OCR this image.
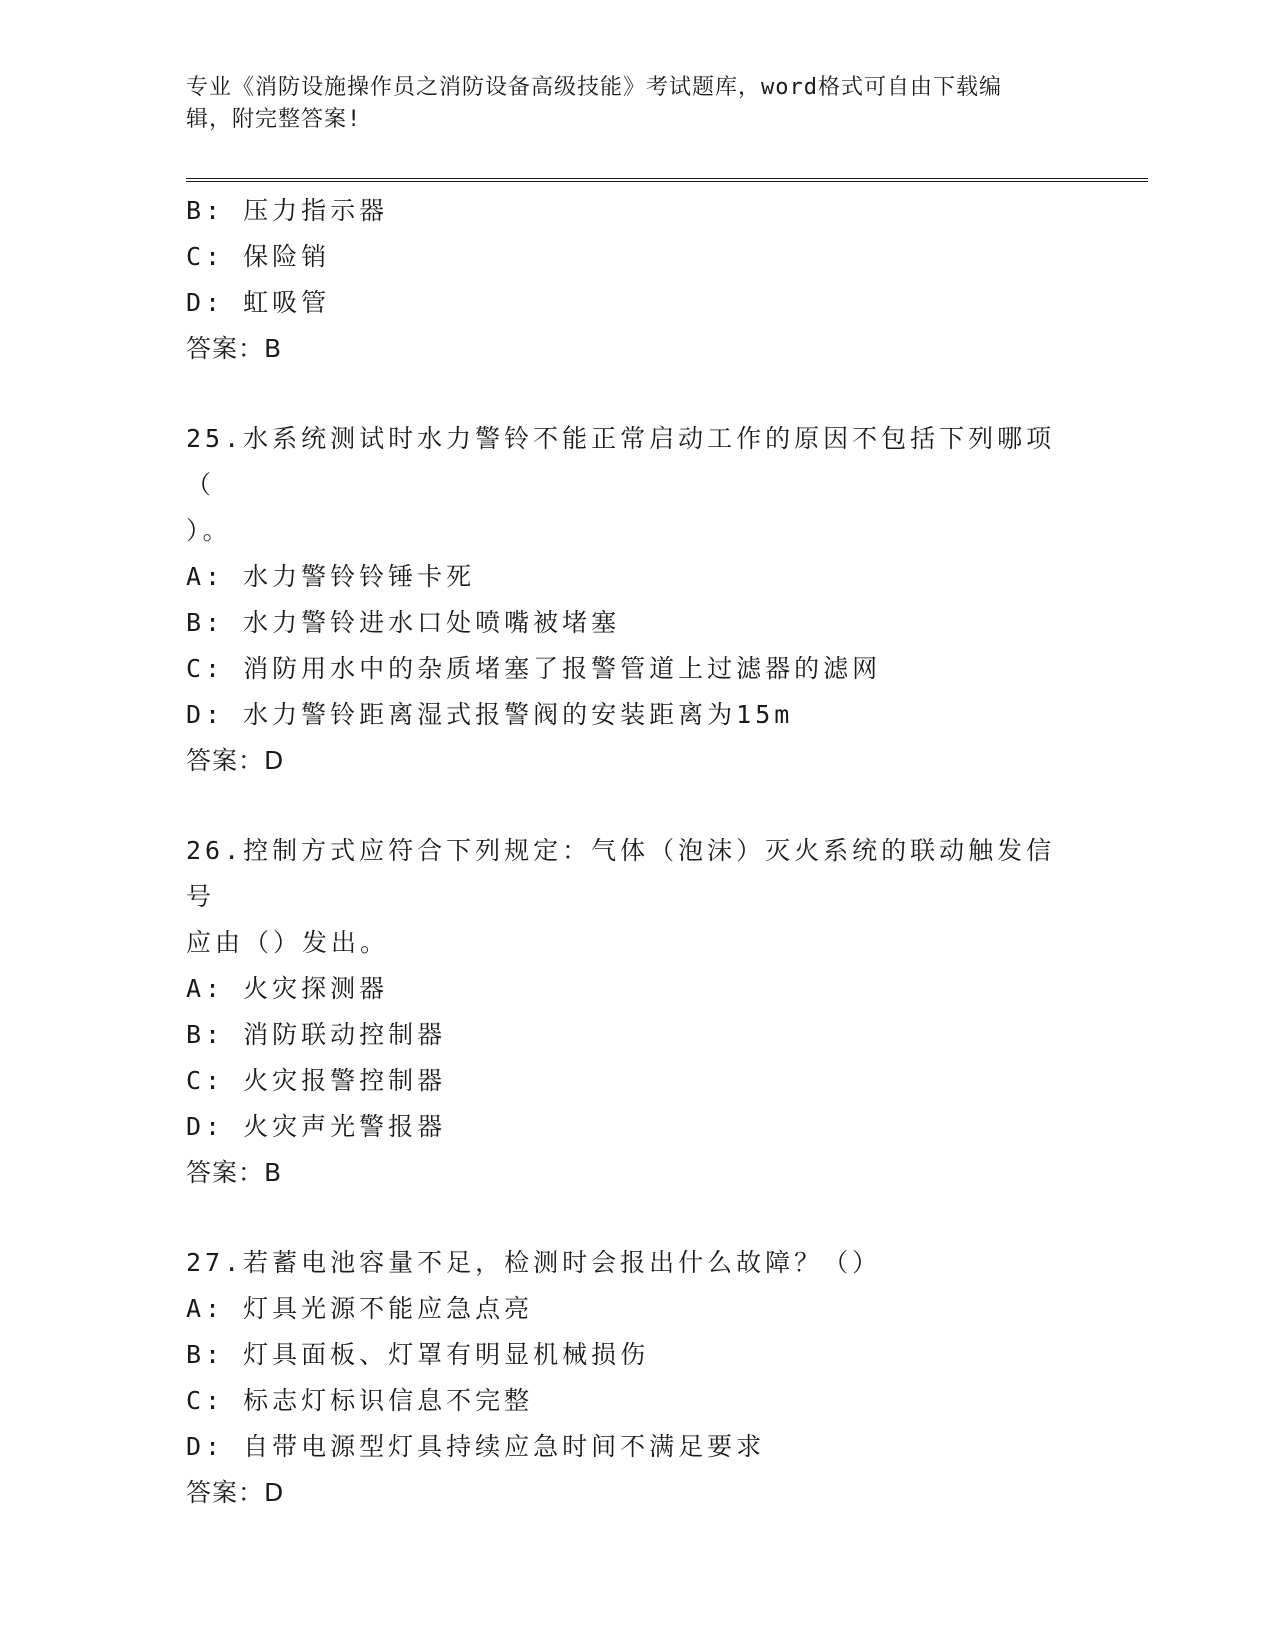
专业《消防设施操作员之消防设备高级技能》考试题库，word格式可自由下载编
辑，附完整答案!
B: 压力指示器
C: 保险销
D: 虹吸管
答案：B
25.水系统测试时水力警铃不能正常启动工作的原因不包括下列哪项（
）。
A: 水力警铃铃锤卡死
B: 水力警铃进水口处喷嘴被堵塞
C: 消防用水中的杂质堵塞了报警管道上过滤器的滤网
D: 水力警铃距离湿式报警阀的安装距离为15m
答案：D
26.控制方式应符合下列规定：气体（泡沫）灭火系统的联动触发信号
应由（）发出。
A: 火灾探测器
B: 消防联动控制器
C: 火灾报警控制器
D: 火灾声光警报器
答案：B
27.若蓄电池容量不足，检测时会报出什么故障？（）
A: 灯具光源不能应急点亮
B: 灯具面板、灯罩有明显机械损伤
C: 标志灯标识信息不完整
D: 自带电源型灯具持续应急时间不满足要求
答案：D
